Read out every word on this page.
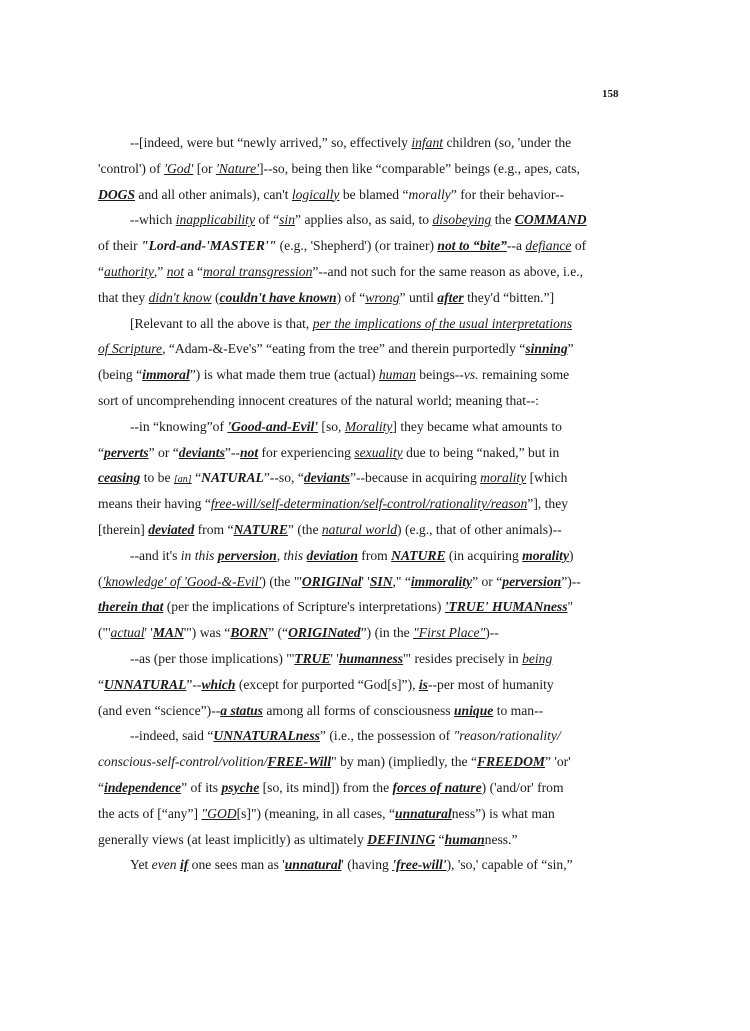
158
--[indeed, were but “newly arrived,” so, effectively infant children (so, 'under the
'control') of 'God' [or 'Nature']--so, being then like “comparable” beings (e.g., apes, cats,
DOGS and all other animals), can't logically be blamed “morally” for their behavior--
--which inapplicability of “sin” applies also, as said, to disobeying the COMMAND
of their "Lord-and-'MASTER'" (e.g., 'Shepherd') (or trainer) not to “bite”--a defiance of
“authority,” not a “moral transgression”--and not such for the same reason as above, i.e.,
that they didn't know (couldn't have known) of “wrong” until after they'd “bitten.”]
[Relevant to all the above is that, per the implications of the usual interpretations
of Scripture, “Adam-&-Eve's” “eating from the tree” and therein purportedly “sinning”
(being “immoral”) is what made them true (actual) human beings--vs. remaining some
sort of uncomprehending innocent creatures of the natural world; meaning that--:
--in “knowing”of 'Good-and-Evil' [so, Morality] they became what amounts to
“perverts” or “deviants”--not for experiencing sexuality due to being “naked,” but in
ceasing to be [an] “NATURAL”--so, “deviants”--because in acquiring morality [which
means their having “free-will/self-determination/self-control/rationality/reason”], they
[therein] deviated from “NATURE” (the natural world) (e.g., that of other animals)--
--and it's in this perversion, this deviation from NATURE (in acquiring morality)
('knowledge' of 'Good-&-Evil') (the "'ORIGINal' 'SIN," “immorality” or “perversion”)--
therein that (per the implications of Scripture's interpretations) 'TRUE' HUMANness"
("'actual' 'MAN'") was “BORN” (“ORIGINated”) (in the "First Place")--
--as (per those implications) "'TRUE' 'humanness'" resides precisely in being
“UNNATURAL”--which (except for purported “God[s]”), is--per most of humanity
(and even “science”)--a status among all forms of consciousness unique to man--
--indeed, said “UNNATURALness” (i.e., the possession of "reason/rationality/
conscious-self-control/volition/FREE-Will" by man) (impliedly, the “FREEDOM” 'or'
“independence” of its psyche [so, its mind]) from the forces of nature) ('and/or' from
the acts of [“any”] "GOD[s]") (meaning, in all cases, “unnaturalness”) is what man
generally views (at least implicitly) as ultimately DEFINING “humanness.”
Yet even if one sees man as 'unnatural' (having 'free-will'), 'so,' capable of “sin,”
